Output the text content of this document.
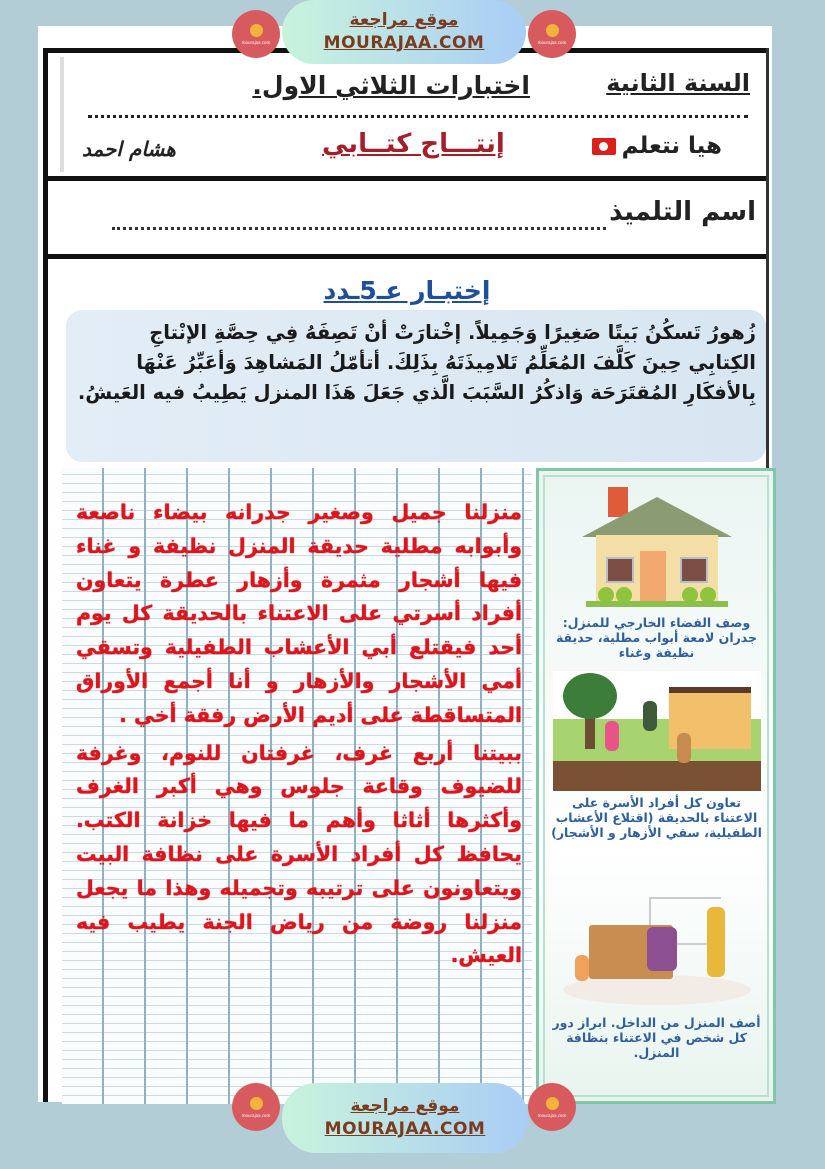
السنة الثانية
اختبارات الثلاثي الاول.
هيا نتعلم
إنتـــاج كتــابي
هشام احمد
اسم التلميذ
إختبـار عـ5ـدد
زُهورُ تَسكُنُ بَيتًا صَغِيرًا وَجَمِيلاً. إخْتارَتْ أنْ تَصِفَهُ فِي حِصَّةِ الإنْتاجِ الكِتابِي حِينَ كَلَّفَ المُعَلِّمُ تَلامِيذَتَهُ بِذَلِكَ. أتأمّلُ المَشاهِدَ وَأعَبِّرُ عَنْهَا بِالأفكَارِ المُقتَرَحَة وَاذكُرُ السَّبَبَ الَّذي جَعَلَ هَذَا المنزل يَطِيبُ فيه العَيشُ.

منزلنا جميل وصغير جدرانه بيضاء ناصعة وأبوابه مطلية حديقة المنزل نظيفة و غناء فيها أشجار مثمرة وأزهار عطرة يتعاون أفراد أسرتي على الاعتناء بالحديقة كل يوم أحد فيقتلع أبي الأعشاب الطفيلية وتسقي أمي الأشجار والأزهار و أنا أجمع الأوراق المتساقطة على أديم الأرض رفقة أخي .

ببيتنا أربع غرف، غرفتان للنوم، وغرفة للضيوف وقاعة جلوس وهي أكبر الغرف وأكثرها أثاثا وأهم ما فيها خزانة الكتب. يحافظ كل أفراد الأسرة على نظافة البيت ويتعاونون على ترتيبه وتجميله وهذا ما يجعل منزلنا روضة من رياض الجنة يطيب فيه العيش.

وصف الفضاء الخارجي للمنزل: جدران لامعة أبواب مطلية، حديقة نظيفة وغناء
تعاون كل أفراد الأسرة على الاعتناء بالحديقة (اقتلاع الأعشاب الطفيلية، سقي الأزهار و الأشجار)
أصف المنزل من الداخل. ابراز دور كل شخص في الاعتناء بنظافة المنزل.
mourajaa.com
موقع مراجعة
MOURAJAA.COM	mourajaa.com
mourajaa.com	موقع مراجعة
MOURAJAA.COM
mourajaa.com
